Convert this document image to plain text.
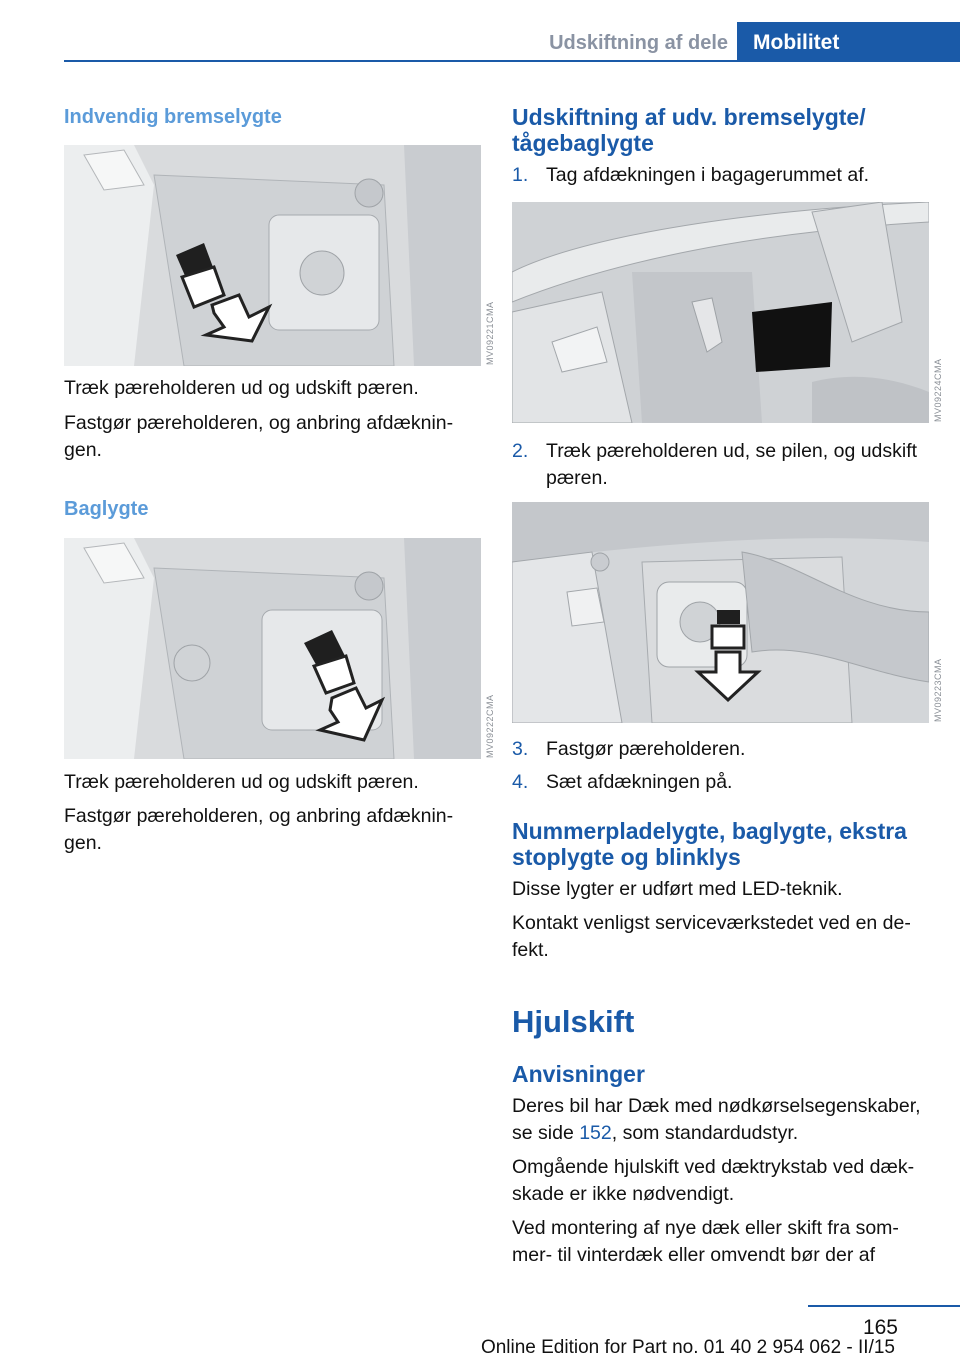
Udskiftning af dele	Mobilitet
Indvendig bremselygte
MV09221CMA
Træk pæreholderen ud og udskift pæren.
Fastgør pæreholderen, og anbring afdæknin‐
gen.
Baglygte
MV09222CMA
Træk pæreholderen ud og udskift pæren.
Fastgør pæreholderen, og anbring afdæknin‐
gen.
Udskiftning af udv. bremselygte/
tågebaglygte
1. Tag afdækningen i bagagerummet af.
MV09224CMA
2. Træk pæreholderen ud, se pilen, og udskift
pæren.
MV09223CMA
3. Fastgør pæreholderen.
4. Sæt afdækningen på.
Nummerpladelygte, baglygte, ekstra
stoplygte og blinklys
Disse lygter er udført med LED-teknik.
Kontakt venligst serviceværkstedet ved en de‐
fekt.
Hjulskift
Anvisninger
Deres bil har Dæk med nødkørselsegenskaber,
se side 152, som standardudstyr.
Omgående hjulskift ved dæktrykstab ved dæk‐
skade er ikke nødvendigt.
Ved montering af nye dæk eller skift fra som‐
mer- til vinterdæk eller omvendt bør der af
165
Online Edition for Part no. 01 40 2 954 062 - II/15
